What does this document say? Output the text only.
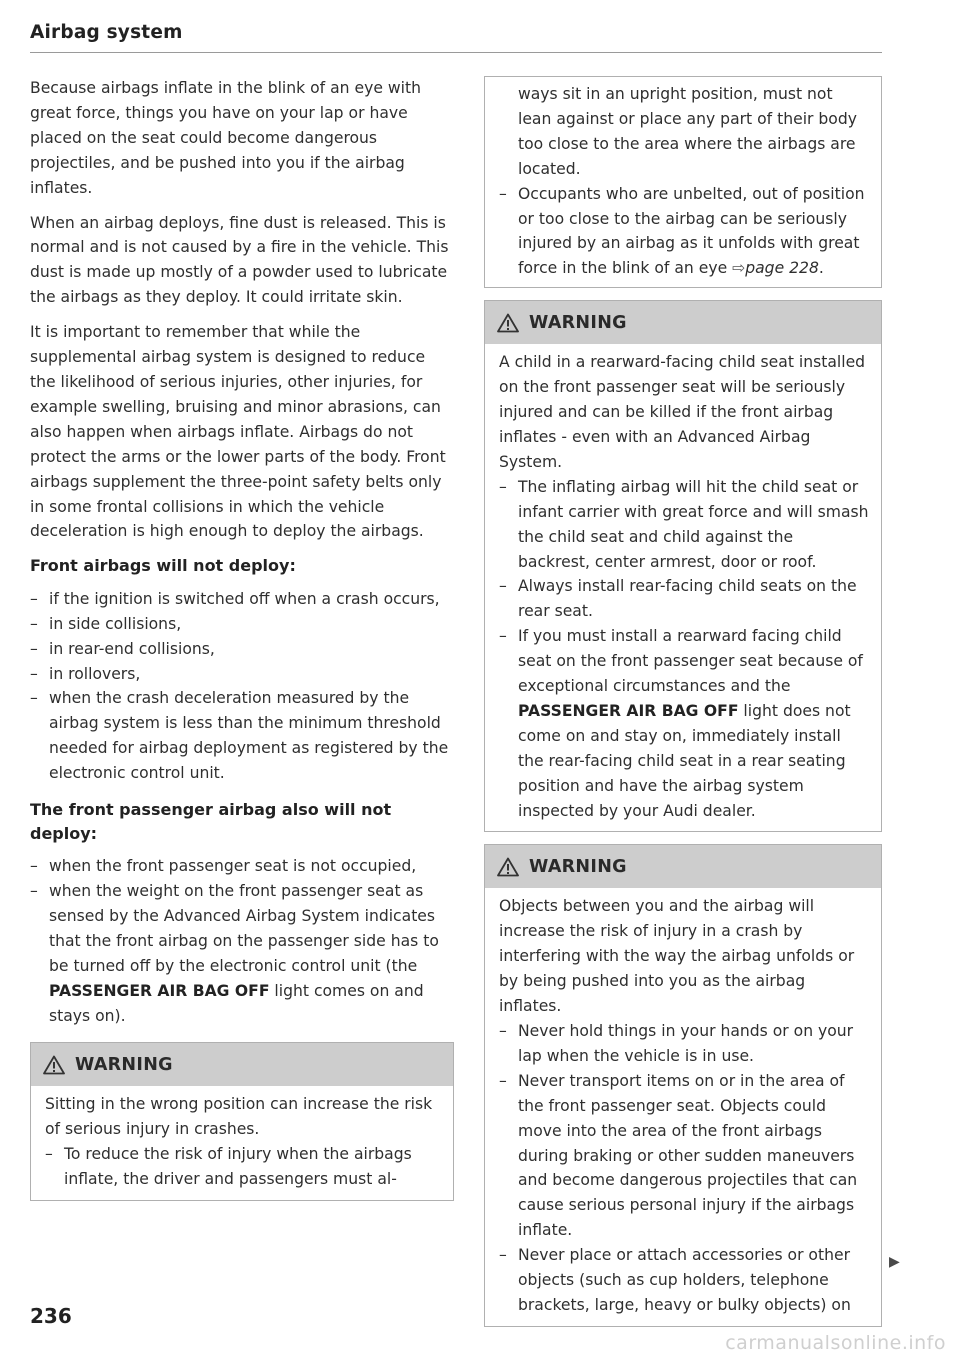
Airbag system

Because airbags inflate in the blink of an eye with great force, things you have on your lap or have placed on the seat could become dangerous projectiles, and be pushed into you if the airbag inflates.

When an airbag deploys, fine dust is released. This is normal and is not caused by a fire in the vehicle. This dust is made up mostly of a powder used to lubricate the airbags as they deploy. It could irritate skin.

It is important to remember that while the supplemental airbag system is designed to reduce the likelihood of serious injuries, other injuries, for example swelling, bruising and minor abrasions, can also happen when airbags inflate. Airbags do not protect the arms or the lower parts of the body. Front airbags supplement the three-point safety belts only in some frontal collisions in which the vehicle deceleration is high enough to deploy the airbags.

Front airbags will not deploy:
– if the ignition is switched off when a crash occurs,
– in side collisions,
– in rear-end collisions,
– in rollovers,
– when the crash deceleration measured by the airbag system is less than the minimum threshold needed for airbag deployment as registered by the electronic control unit.
The front passenger airbag also will not deploy:
– when the front passenger seat is not occupied,
– when the weight on the front passenger seat as sensed by the Advanced Airbag System indicates that the front airbag on the passenger side has to be turned off by the electronic control unit (the PASSENGER AIR BAG OFF light comes on and stays on).
WARNING

Sitting in the wrong position can increase the risk of serious injury in crashes.

– To reduce the risk of injury when the airbags inflate, the driver and passengers must al-

ways sit in an upright position, must not lean against or place any part of their body too close to the area where the airbags are located.

– Occupants who are unbelted, out of position or too close to the airbag can be seriously injured by an airbag as it unfolds with great force in the blink of an eye ⇨page 228.
WARNING

A child in a rearward-facing child seat installed on the front passenger seat will be seriously injured and can be killed if the front airbag inflates - even with an Advanced Airbag System.

– The inflating airbag will hit the child seat or infant carrier with great force and will smash the child seat and child against the backrest, center armrest, door or roof.
– Always install rear-facing child seats on the rear seat.
– If you must install a rearward facing child seat on the front passenger seat because of exceptional circumstances and the PASSENGER AIR BAG OFF light does not come on and stay on, immediately install the rear-facing child seat in a rear seating position and have the airbag system inspected by your Audi dealer.
WARNING

Objects between you and the airbag will increase the risk of injury in a crash by interfering with the way the airbag unfolds or by being pushed into you as the airbag inflates.

– Never hold things in your hands or on your lap when the vehicle is in use.
– Never transport items on or in the area of the front passenger seat. Objects could move into the area of the front airbags during braking or other sudden maneuvers and become dangerous projectiles that can cause serious personal injury if the airbags inflate.
– Never place or attach accessories or other objects (such as cup holders, telephone brackets, large, heavy or bulky objects) on
▶
236
carmanualsonline.info
